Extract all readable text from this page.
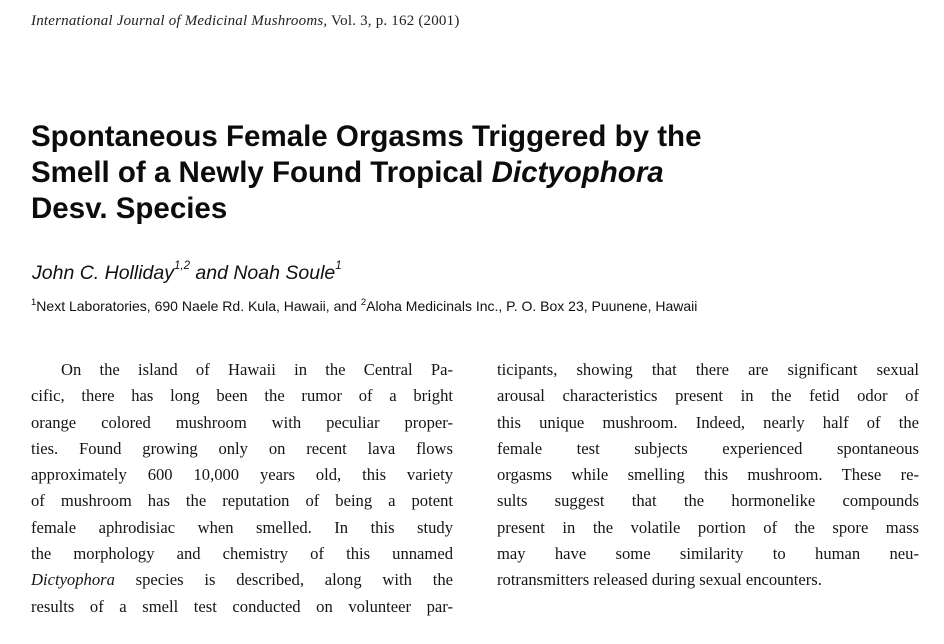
International Journal of Medicinal Mushrooms, Vol. 3, p. 162 (2001)
Spontaneous Female Orgasms Triggered by the
Smell of a Newly Found Tropical Dictyophora
Desv. Species
John C. Holliday$^{1,2}$ and Noah Soule$^1$
$^1$Next Laboratories, 690 Naele Rd. Kula, Hawaii, and $^2$Aloha Medicinals Inc., P. O. Box 23, Puunene, Hawaii
On the island of Hawaii in the Central Pa-
cific, there has long been the rumor of a bright
orange colored mushroom with peculiar proper-
ties. Found growing only on recent lava flows
approximately 600 10,000 years old, this variety
of mushroom has the reputation of being a potent
female aphrodisiac when smelled. In this study
the morphology and chemistry of this unnamed
Dictyophora species is described, along with the
results of a smell test conducted on volunteer par-
ticipants, showing that there are significant sexual
arousal characteristics present in the fetid odor of
this unique mushroom. Indeed, nearly half of the
female test subjects experienced spontaneous
orgasms while smelling this mushroom. These re-
sults suggest that the hormonelike compounds
present in the volatile portion of the spore mass
may have some similarity to human neu-
rotransmitters released during sexual encounters.
